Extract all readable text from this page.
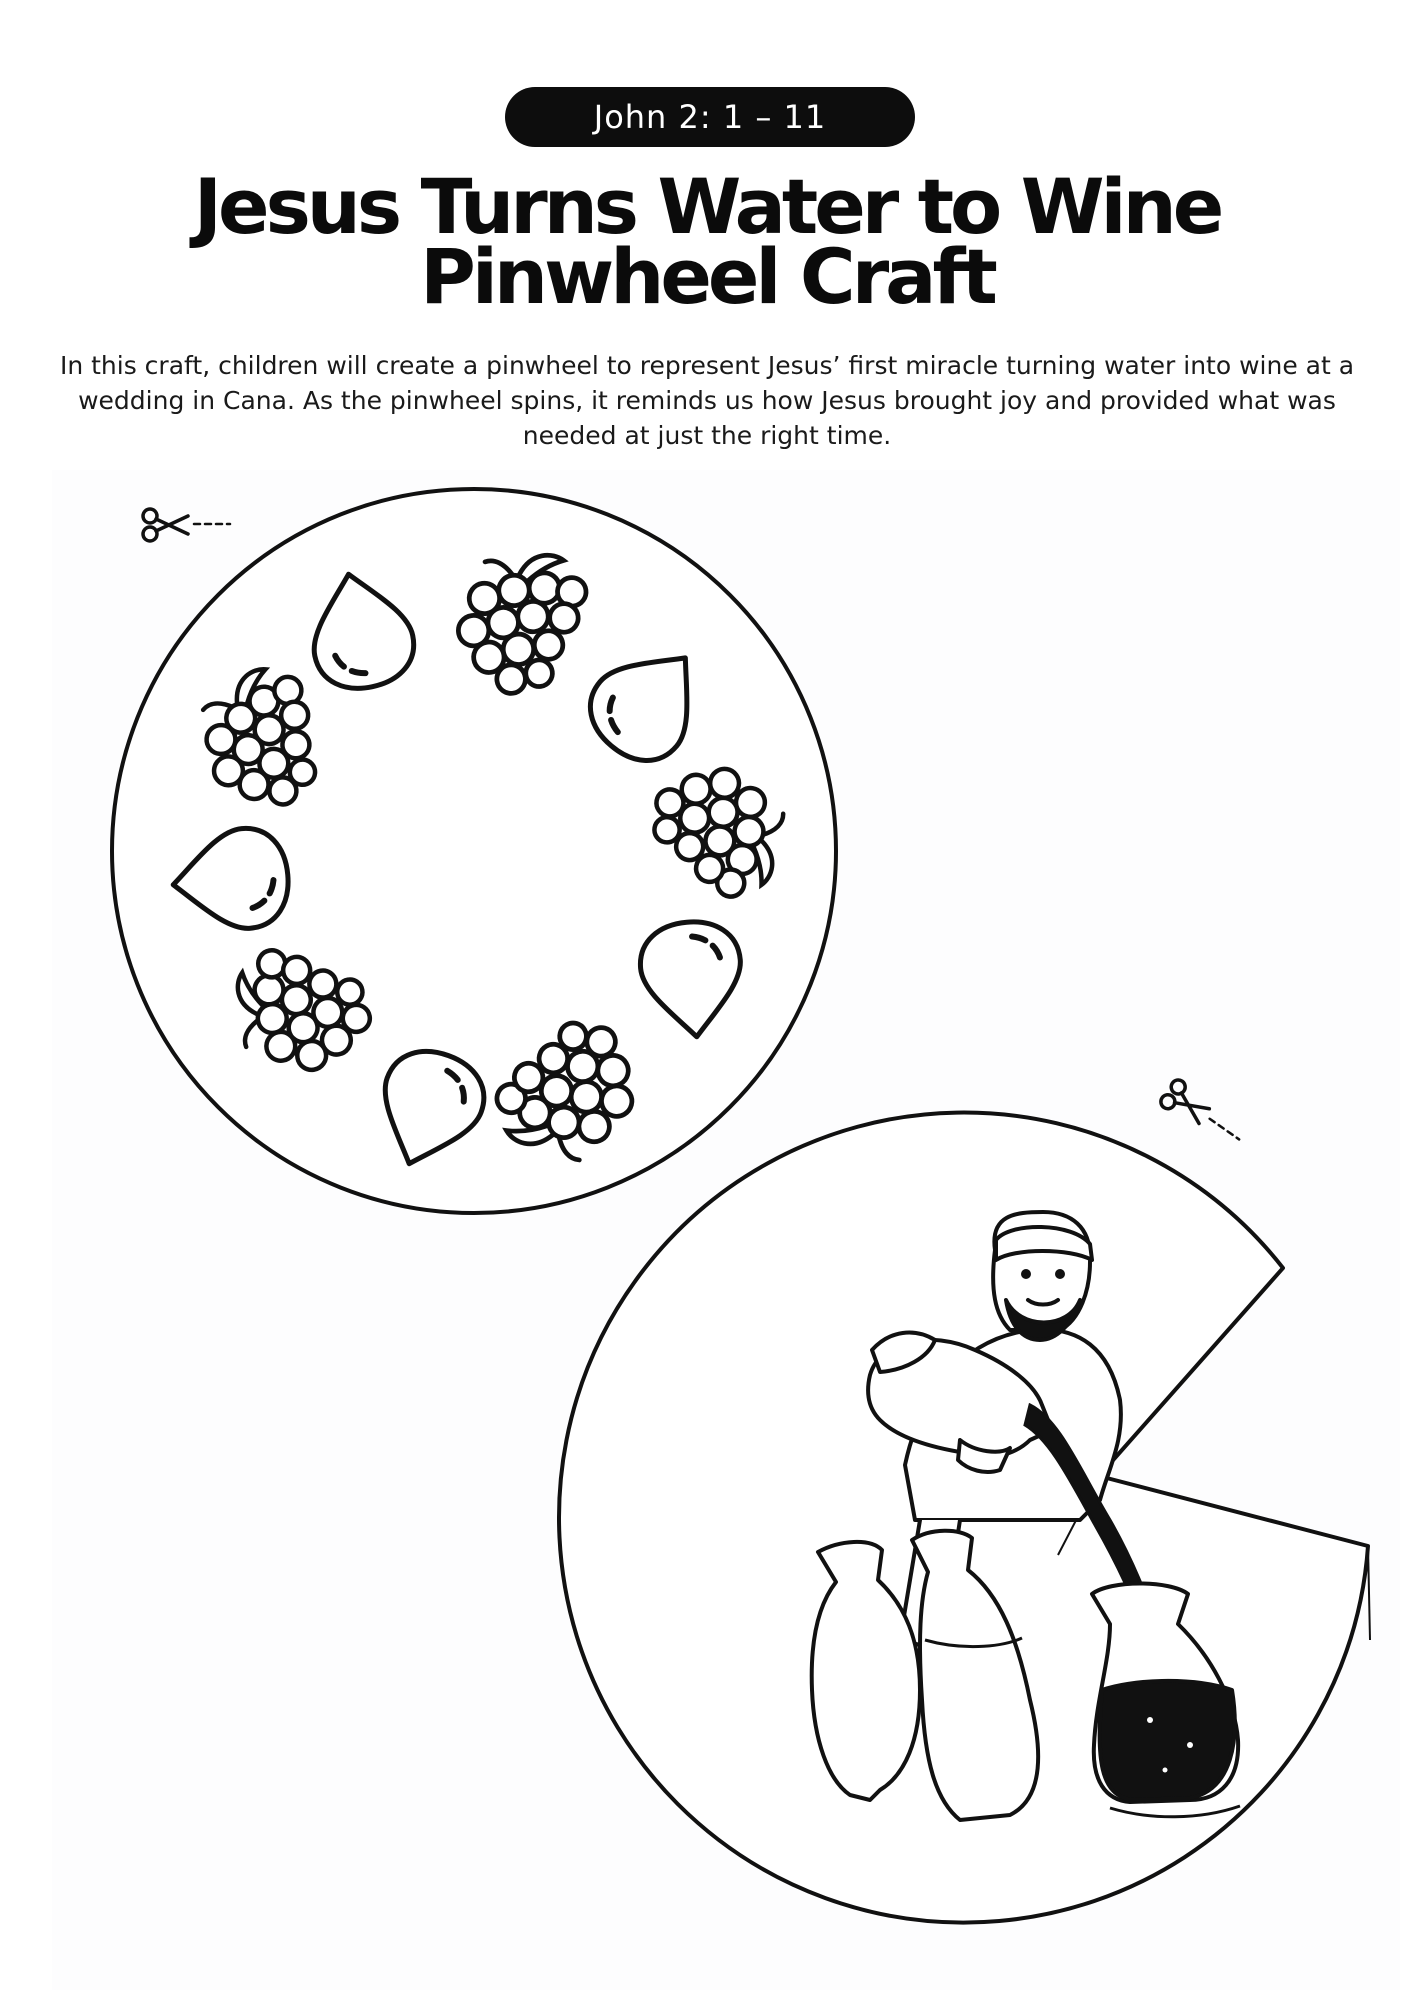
John 2: 1 – 11
Jesus Turns Water to Wine
Pinwheel Craft

In this craft, children will create a pinwheel to represent Jesus’ first miracle turning water into wine at a wedding in Cana. As the pinwheel spins, it reminds us how Jesus brought joy and provided what was needed at just the right time.
